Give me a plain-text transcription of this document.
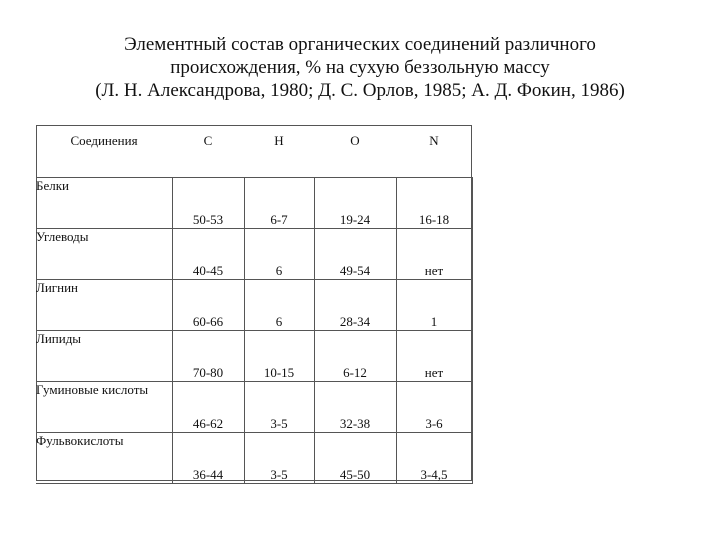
Элементный состав органических соединений различного
происхождения, % на сухую беззольную массу
(Л. Н. Александрова, 1980; Д. С. Орлов, 1985; А. Д. Фокин, 1986)
Соединения	C	H	O	N
Белки	50-53	6-7	19-24	16-18
Углеводы	40-45	6	49-54	нет
Лигнин	60-66	6	28-34	1
Липиды	70-80	10-15	6-12	нет
Гуминовые кислоты	46-62	3-5	32-38	3-6
Фульвокислоты	36-44	3-5	45-50	3-4,5
